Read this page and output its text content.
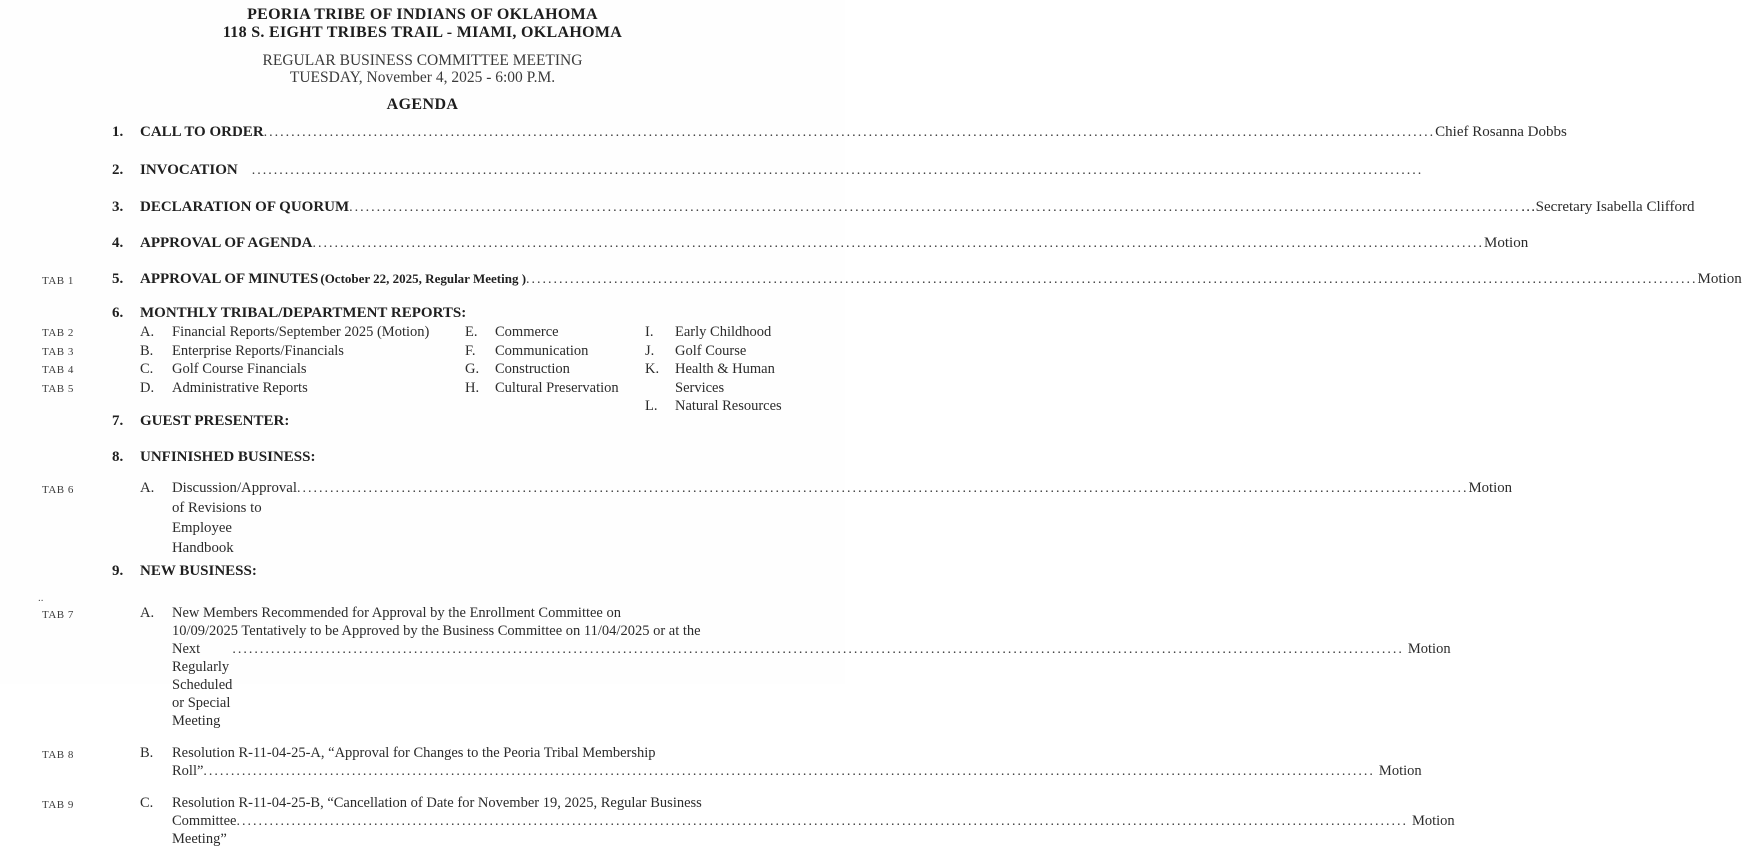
PEORIA TRIBE OF INDIANS OF OKLAHOMA
118 S. EIGHT TRIBES TRAIL - MIAMI, OKLAHOMA
REGULAR BUSINESS COMMITTEE MEETING
TUESDAY, November 4, 2025 - 6:00 P.M.
AGENDA
1.	CALL TO ORDER .....	Chief Rosanna Dobbs
2.	INVOCATION
.....
3.	DECLARATION OF QUORUM .....	…Secretary Isabella Clifford
4.	APPROVAL OF AGENDA .....	Motion
TAB 1	5.	APPROVAL OF MINUTES (October 22, 2025, Regular Meeting ) .....	Motion
6.	MONTHLY TRIBAL/DEPARTMENT REPORTS:
TAB 2	A.	Financial Reports/September 2025 (Motion)	E.	Commerce	I.	Early Childhood
TAB 3	B.	Enterprise Reports/Financials	F.	Communication	J.	Golf Course
TAB 4	C.	Golf Course Financials	G.	Construction	K.	Health & Human
TAB 5	D.	Administrative Reports	H.	Cultural Preservation	Services
L.	Natural Resources
7.	GUEST PRESENTER:
8.	UNFINISHED BUSINESS:
TAB 6	A.	Discussion/Approval of Revisions to Employee Handbook
.....
Motion
9.	NEW BUSINESS:
TAB 7	A.	New Members Recommended for Approval by the Enrollment Committee on
10/09/2025 Tentatively to be Approved by the Business Committee on 11/04/2025 or at the
Next Regularly Scheduled or Special Meeting
.....
Motion
TAB 8	B.	Resolution R-11-04-25-A, “Approval for Changes to the Peoria Tribal Membership
Roll” .....	Motion
TAB 9	C.	Resolution R-11-04-25-B, “Cancellation of Date for November 19, 2025, Regular Business
Committee Meeting”
.....
Motion
..
